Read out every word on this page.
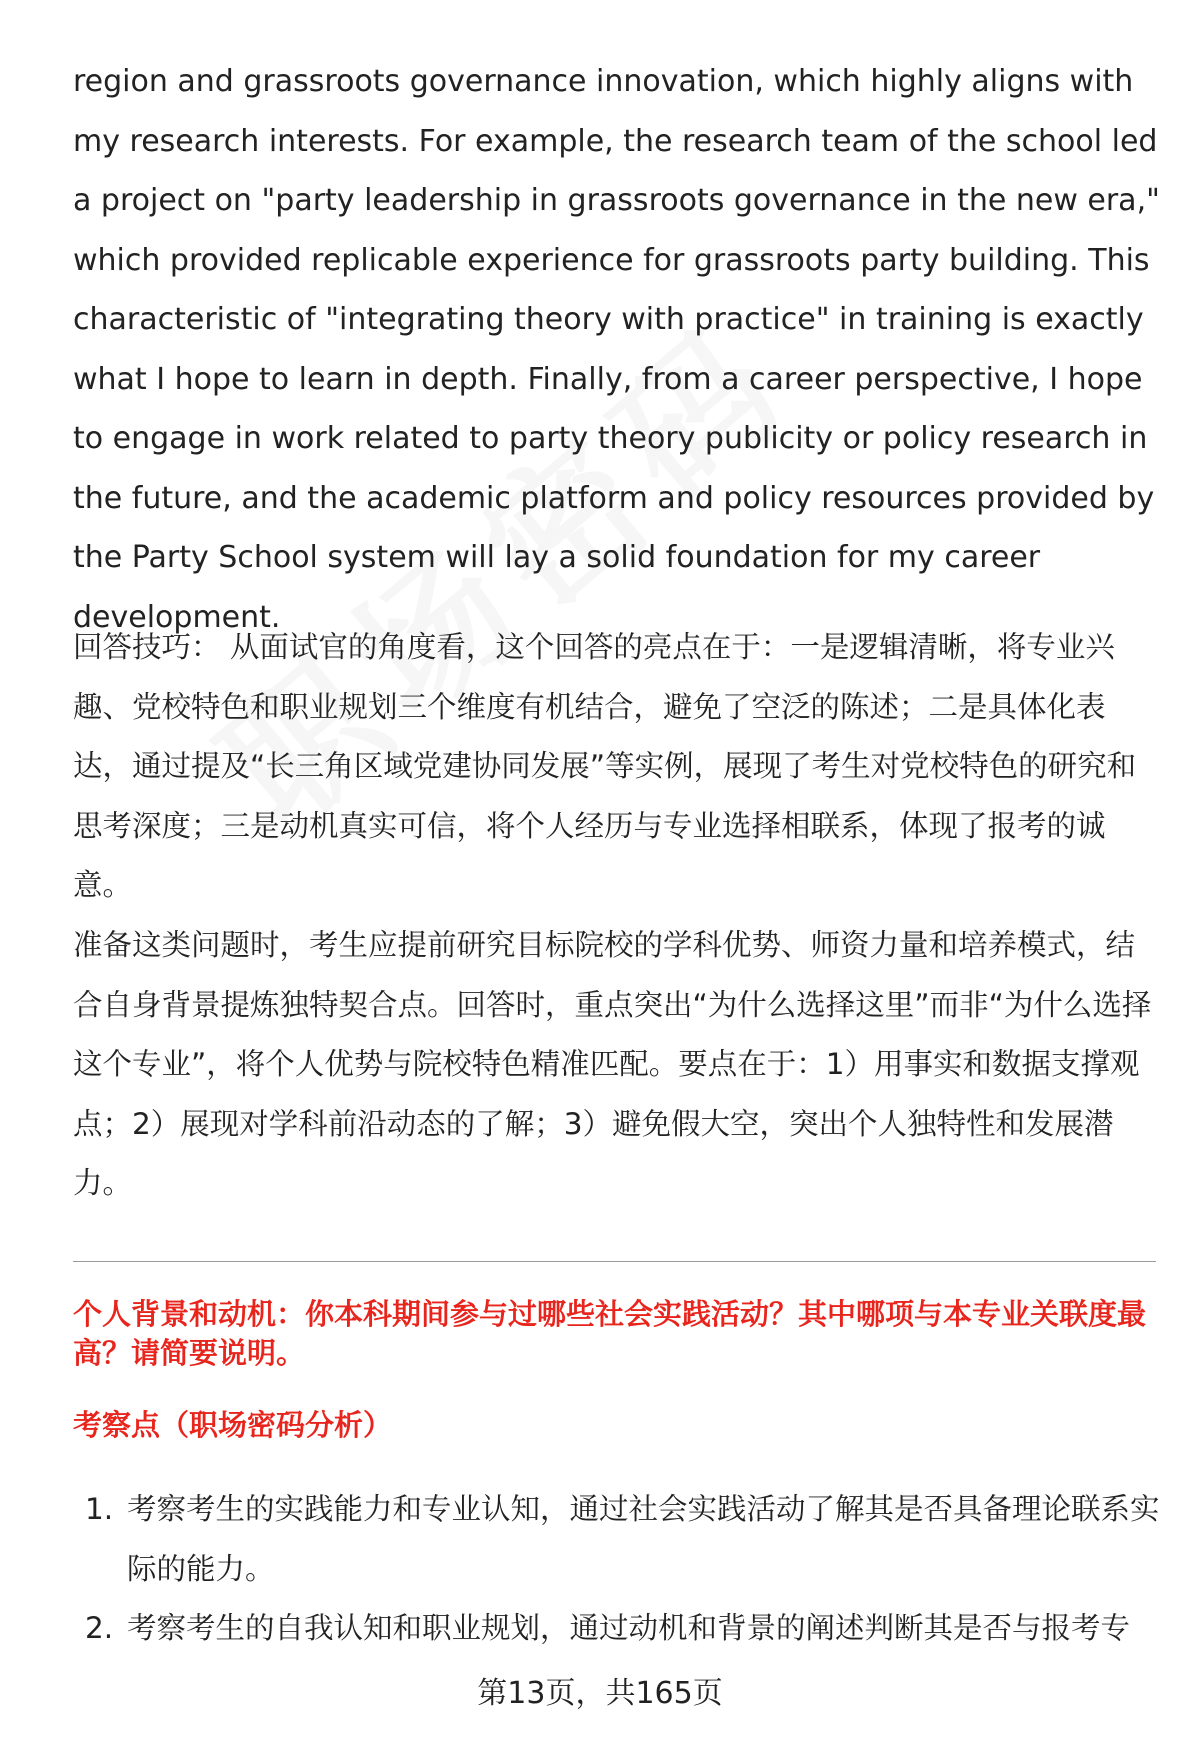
region and grassroots governance innovation, which highly aligns with my research interests. For example, the research team of the school led a project on "party leadership in grassroots governance in the new era," which provided replicable experience for grassroots party building. This characteristic of "integrating theory with practice" in training is exactly what I hope to learn in depth. Finally, from a career perspective, I hope to engage in work related to party theory publicity or policy research in the future, and the academic platform and policy resources provided by the Party School system will lay a solid foundation for my career development.

回答技巧： 从面试官的角度看，这个回答的亮点在于：一是逻辑清晰，将专业兴趣、党校特色和职业规划三个维度有机结合，避免了空泛的陈述；二是具体化表达，通过提及“长三角区域党建协同发展”等实例，展现了考生对党校特色的研究和思考深度；三是动机真实可信，将个人经历与专业选择相联系，体现了报考的诚意。

准备这类问题时，考生应提前研究目标院校的学科优势、师资力量和培养模式，结合自身背景提炼独特契合点。回答时，重点突出“为什么选择这里”而非“为什么选择这个专业”，将个人优势与院校特色精准匹配。要点在于：1）用事实和数据支撑观点；2）展现对学科前沿动态的了解；3）避免假大空，突出个人独特性和发展潜力。

个人背景和动机：你本科期间参与过哪些社会实践活动？其中哪项与本专业关联度最高？请简要说明。

考察点（职场密码分析）

1. 考察考生的实践能力和专业认知，通过社会实践活动了解其是否具备理论联系实际的能力。
2. 考察考生的自我认知和职业规划，通过动机和背景的阐述判断其是否与报考专
第13页，共165页
